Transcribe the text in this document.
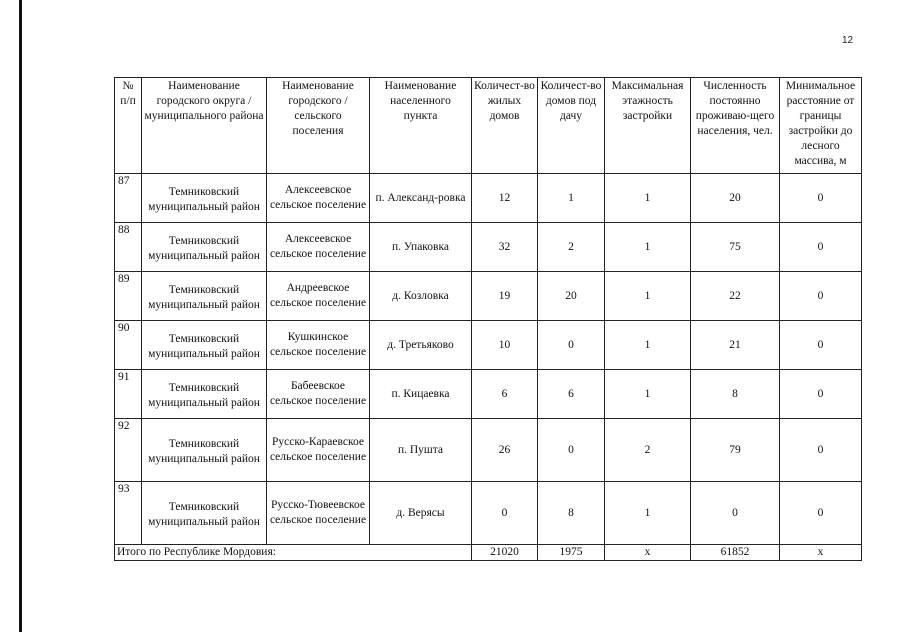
12
№ п/п	Наименование городского округа / муниципального района	Наименование городского / сельского поселения	Наименование населенного пункта	Количест-во жилых домов	Количест-во домов под дачу	Максимальная этажность застройки	Численность постоянно проживаю-щего населения, чел.	Минимальное расстояние от границы застройки до лесного массива, м
87	Темниковский муниципальный район	Алексеевское сельское поселение	п. Александ-ровка	12	1	1	20	0
88	Темниковский муниципальный район	Алексеевское сельское поселение	п. Упаковка	32	2	1	75	0
89	Темниковский муниципальный район	Андреевское сельское поселение	д. Козловка	19	20	1	22	0
90	Темниковский муниципальный район	Кушкинское сельское поселение	д. Третьяково	10	0	1	21	0
91	Темниковский муниципальный район	Бабеевское сельское поселение	п. Кицаевка	6	6	1	8	0
92	Темниковский муниципальный район	Русско-Караевское сельское поселение	п. Пушта	26	0	2	79	0
93	Темниковский муниципальный район	Русско-Тювеевское сельское поселение	д. Верясы	0	8	1	0	0
Итого по Республике Мордовия:				21020	1975	х	61852	х
